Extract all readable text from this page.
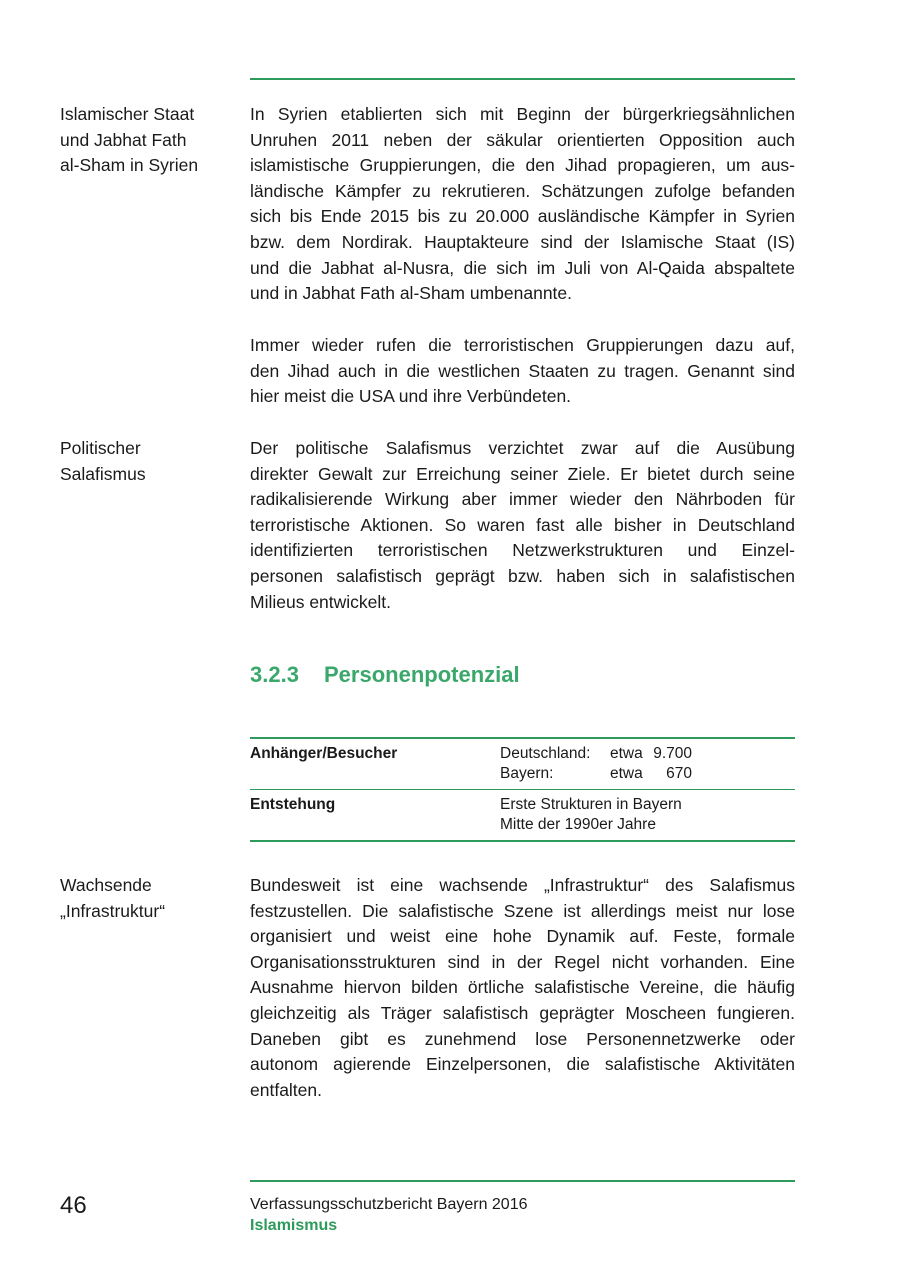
Islamischer Staat
und Jabhat Fath
al-Sham in Syrien

In Syrien etablierten sich mit Beginn der bürgerkriegsähnlichen
Unruhen 2011 neben der säkular orientierten Opposition auch
islamistische Gruppierungen, die den Jihad propagieren, um aus-
ländische Kämpfer zu rekrutieren. Schätzungen zufolge befanden
sich bis Ende 2015 bis zu 20.000 ausländische Kämpfer in Syrien
bzw. dem Nordirak. Hauptakteure sind der Islamische Staat (IS)
und die Jabhat al-Nusra, die sich im Juli von Al-Qaida abspaltete
und in Jabhat Fath al-Sham umbenannte.

Immer wieder rufen die terroristischen Gruppierungen dazu auf,
den Jihad auch in die westlichen Staaten zu tragen. Genannt sind
hier meist die USA und ihre Verbündeten.

Politischer
Salafismus

Der politische Salafismus verzichtet zwar auf die Ausübung
direkter Gewalt zur Erreichung seiner Ziele. Er bietet durch seine
radikalisierende Wirkung aber immer wieder den Nährboden für
terroristische Aktionen. So waren fast alle bisher in Deutschland
identifizierten terroristischen Netzwerkstrukturen und Einzel-
personen salafistisch geprägt bzw. haben sich in salafistischen
Milieus entwickelt.

3.2.3 Personenpotenzial
Anhänger/Besucher	Deutschland:	etwa 9.700
Bayern:	etwa	670
Entstehung	Erste Strukturen in Bayern
Mitte der 1990er Jahre

Wachsende
„Infrastruktur“

Bundesweit ist eine wachsende „Infrastruktur“ des Salafismus
festzustellen. Die salafistische Szene ist allerdings meist nur lose
organisiert und weist eine hohe Dynamik auf. Feste, formale
Organisationsstrukturen sind in der Regel nicht vorhanden. Eine
Ausnahme hiervon bilden örtliche salafistische Vereine, die häufig
gleichzeitig als Träger salafistisch geprägter Moscheen fungieren.
Daneben gibt es zunehmend lose Personennetzwerke oder
autonom agierende Einzelpersonen, die salafistische Aktivitäten
entfalten.

46	Verfassungsschutzbericht Bayern 2016

Islamismus
